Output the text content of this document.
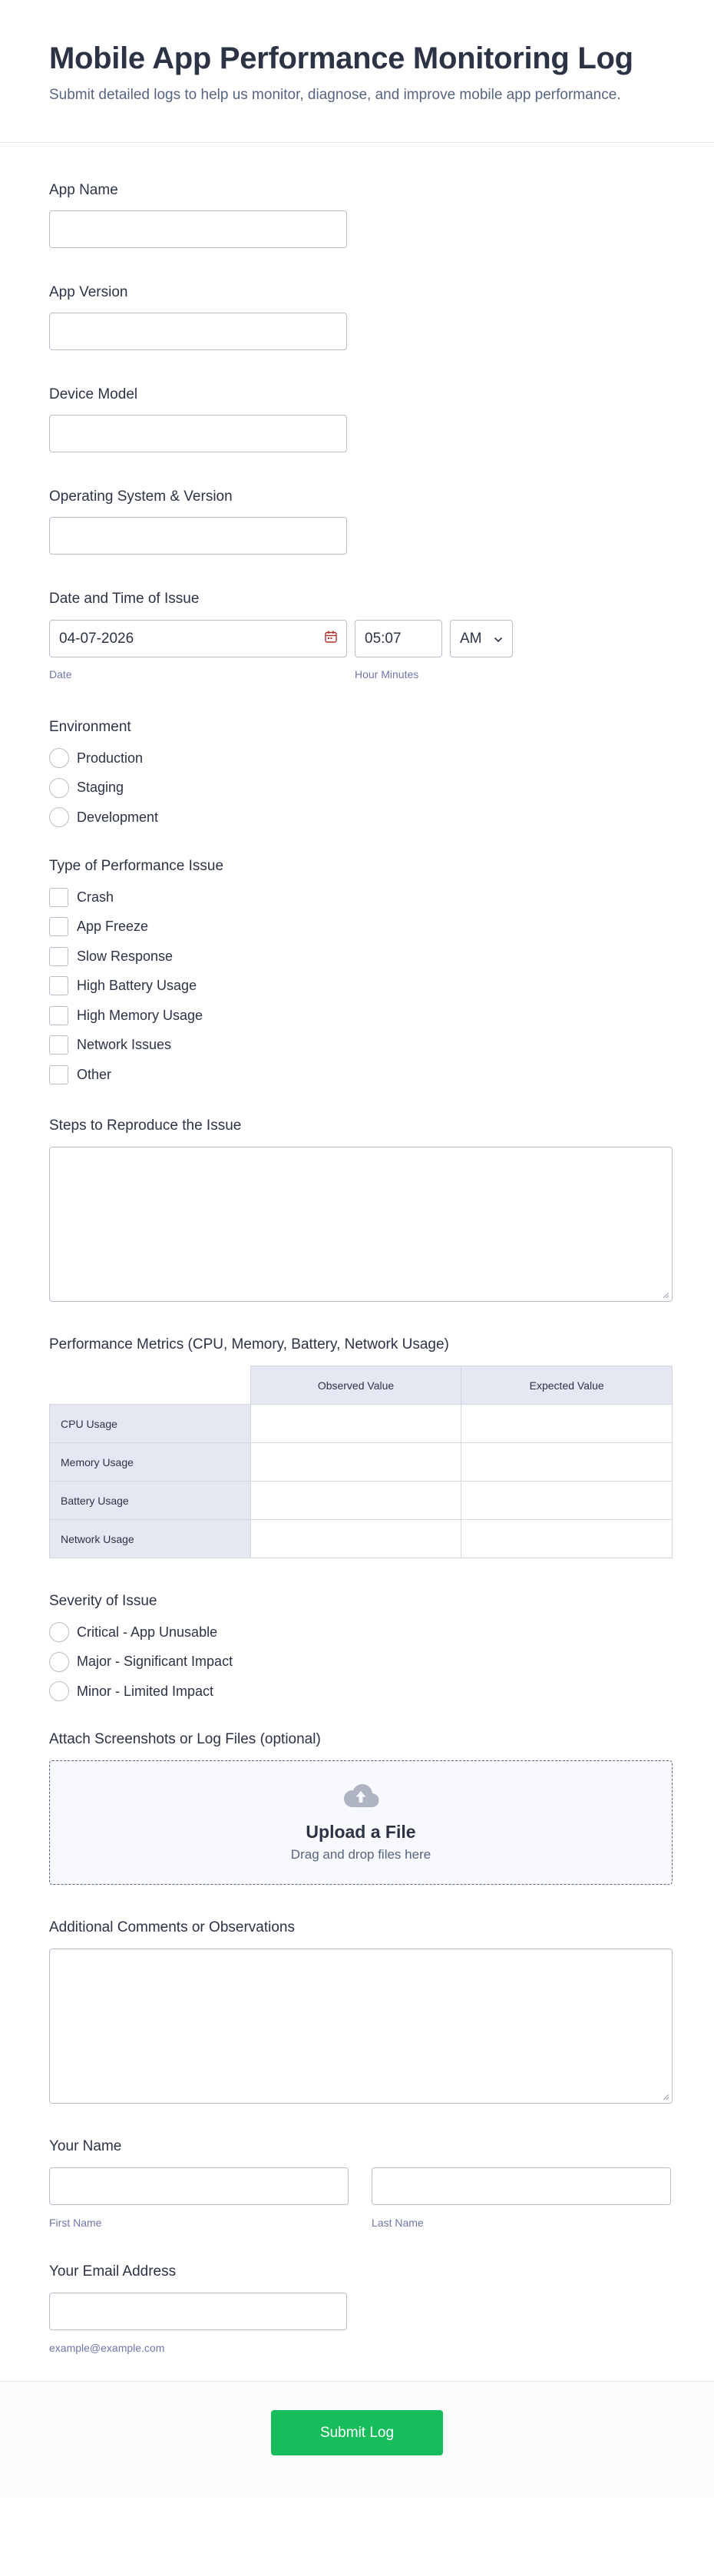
Mobile App Performance Monitoring Log

Submit detailed logs to help us monitor, diagnose, and improve mobile app performance.

App Name
App Version
Device Model
Operating System & Version
Date and Time of Issue
04-07-2026	05:07	AM
Date	Hour Minutes
Environment
Production
Staging
Development
Type of Performance Issue
Crash
App Freeze
Slow Response
High Battery Usage
High Memory Usage
Network Issues
Other
Steps to Reproduce the Issue
Performance Metrics (CPU, Memory, Battery, Network Usage)
	Observed Value	Expected Value
CPU Usage		
Memory Usage		
Battery Usage		
Network Usage		
Severity of Issue
Critical - App Unusable
Major - Significant Impact
Minor - Limited Impact
Attach Screenshots or Log Files (optional)
Upload a File
Drag and drop files here
Additional Comments or Observations
Your Name
First Name	Last Name
Your Email Address
example@example.com
Submit Log
